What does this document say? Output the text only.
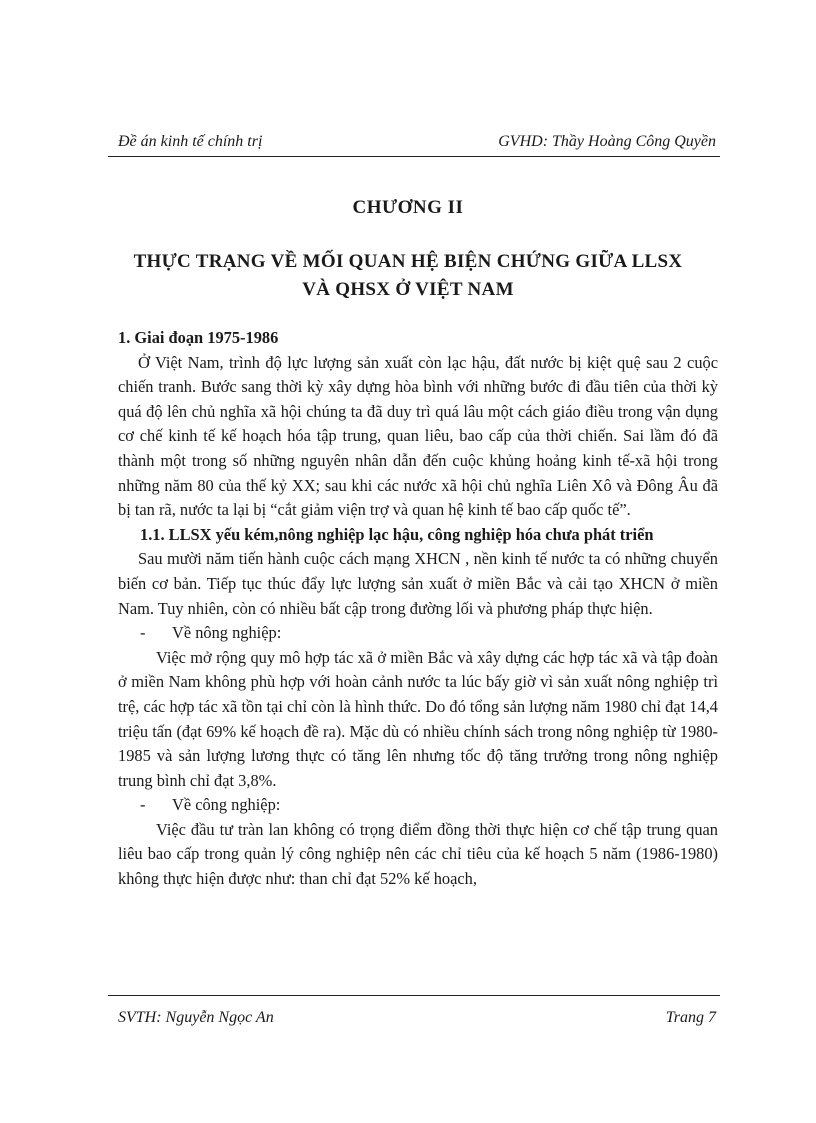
Đề án kinh tế chính trị	GVHD: Thầy Hoàng Công Quyền
CHƯƠNG II
THỰC TRẠNG VỀ MỐI QUAN HỆ BIỆN CHỨNG GIỮA LLSX
VÀ QHSX Ở VIỆT NAM

1. Giai đoạn 1975-1986

Ở Việt Nam, trình độ lực lượng sản xuất còn lạc hậu, đất nước bị kiệt quệ sau 2 cuộc chiến tranh. Bước sang thời kỳ xây dựng hòa bình với những bước đi đầu tiên của thời kỳ quá độ lên chủ nghĩa xã hội chúng ta đã duy trì quá lâu một cách giáo điều trong vận dụng cơ chế kinh tế kế hoạch hóa tập trung, quan liêu, bao cấp của thời chiến. Sai lầm đó đã thành một trong số những nguyên nhân dẫn đến cuộc khủng hoảng kinh tế-xã hội trong những năm 80 của thế kỷ XX; sau khi các nước xã hội chủ nghĩa Liên Xô và Đông Âu đã bị tan rã, nước ta lại bị “cắt giảm viện trợ và quan hệ kinh tế bao cấp quốc tế”.

1.1. LLSX yếu kém,nông nghiệp lạc hậu, công nghiệp hóa chưa phát triển

Sau mười năm tiến hành cuộc cách mạng XHCN , nền kinh tế nước ta có những chuyển biến cơ bản. Tiếp tục thúc đẩy lực lượng sản xuất ở miền Bắc và cải tạo XHCN ở miền Nam. Tuy nhiên, còn có nhiều bất cập trong đường lối và phương pháp thực hiện.

- Về nông nghiệp:

Việc mở rộng quy mô hợp tác xã ở miền Bắc và xây dựng các hợp tác xã và tập đoàn ở miền Nam không phù hợp với hoàn cảnh nước ta lúc bấy giờ vì sản xuất nông nghiệp trì trệ, các hợp tác xã tồn tại chỉ còn là hình thức. Do đó tổng sản lượng năm 1980 chỉ đạt 14,4 triệu tấn (đạt 69% kế hoạch đề ra). Mặc dù có nhiều chính sách trong nông nghiệp từ 1980-1985 và sản lượng lương thực có tăng lên nhưng tốc độ tăng trưởng trong nông nghiệp trung bình chỉ đạt 3,8%.

- Về công nghiệp:

Việc đầu tư tràn lan không có trọng điểm đồng thời thực hiện cơ chế tập trung quan liêu bao cấp trong quản lý công nghiệp nên các chỉ tiêu của kế hoạch 5 năm (1986-1980) không thực hiện được như: than chỉ đạt 52% kế hoạch,

SVTH: Nguyễn Ngọc An	Trang 7
